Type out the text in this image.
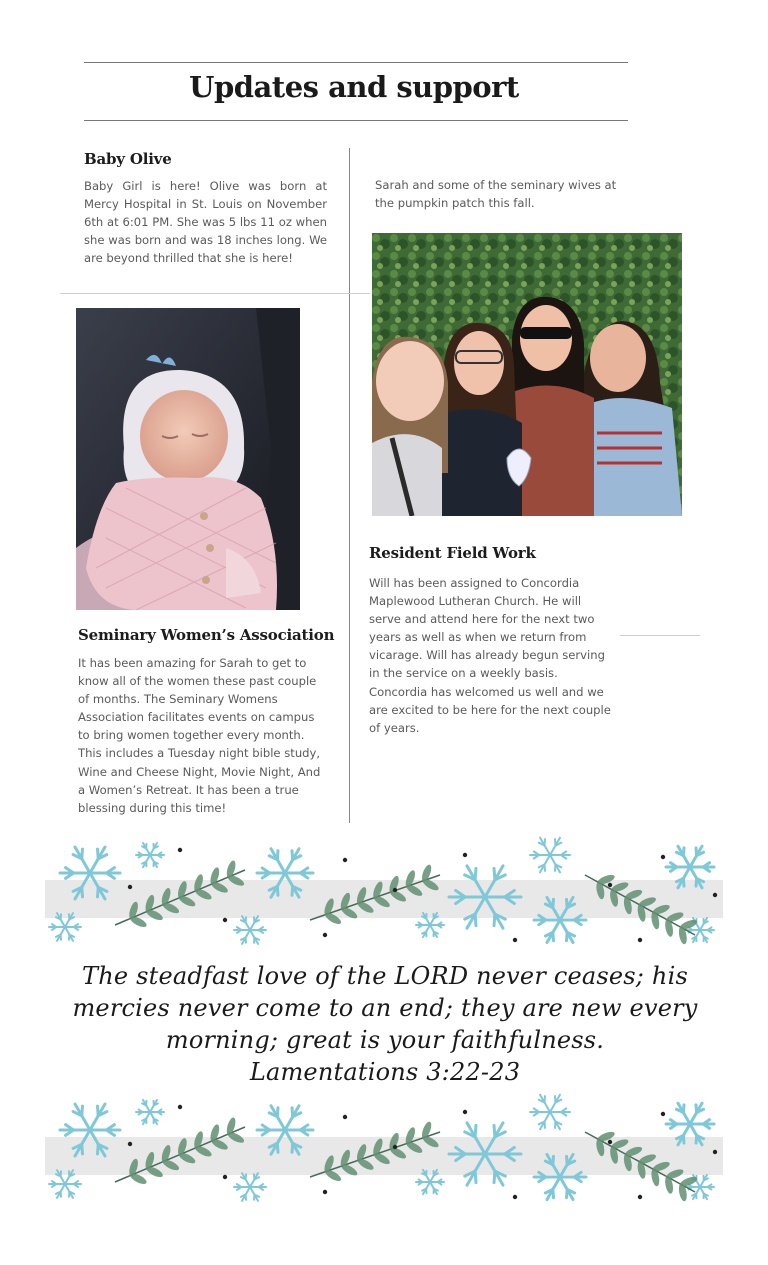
Updates and support
Baby Olive
Baby Girl is here! Olive was born at Mercy Hospital in St. Louis on November 6th at 6:01 PM. She was 5 lbs 11 oz when she was born and was 18 inches long. We are beyond thrilled that she is here!
Seminary Women’s Association
It has been amazing for Sarah to get to know all of the women these past couple of months. The Seminary Womens Association facilitates events on campus to bring women together every month. This includes a Tuesday night bible study, Wine and Cheese Night, Movie Night, And a Women’s Retreat. It has been a true blessing during this time!
Sarah and some of the seminary wives at the pumpkin patch this fall.
Resident Field Work
Will has been assigned to Concordia Maplewood Lutheran Church. He will serve and attend here for the next two years as well as when we return from vicarage. Will has already begun serving in the service on a weekly basis. Concordia has welcomed us well and we are excited to be here for the next couple of years.
The steadfast love of the LORD never ceases; his mercies never come to an end; they are new every morning; great is your faithfulness.
Lamentations 3:22-23
